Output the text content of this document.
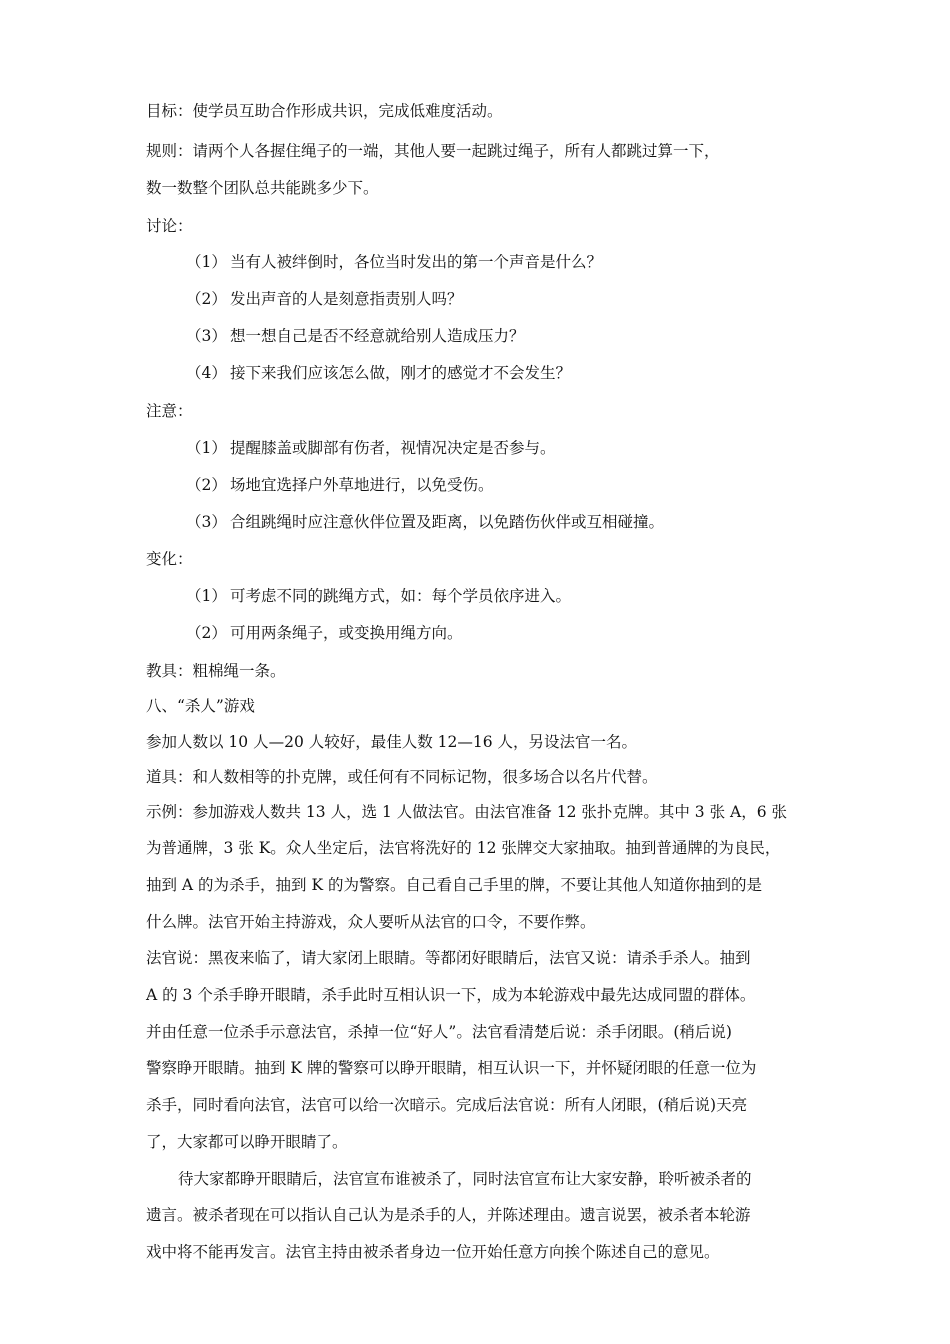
目标：使学员互助合作形成共识，完成低难度活动。
规则：请两个人各握住绳子的一端，其他人要一起跳过绳子，所有人都跳过算一下，
数一数整个团队总共能跳多少下。
讨论：
（1） 当有人被绊倒时，各位当时发出的第一个声音是什么？
（2） 发出声音的人是刻意指责别人吗？
（3） 想一想自己是否不经意就给别人造成压力？
（4） 接下来我们应该怎么做，刚才的感觉才不会发生？
注意：
（1） 提醒膝盖或脚部有伤者，视情况决定是否参与。
（2） 场地宜选择户外草地进行，以免受伤。
（3） 合组跳绳时应注意伙伴位置及距离，以免踏伤伙伴或互相碰撞。
变化：
（1） 可考虑不同的跳绳方式，如：每个学员依序进入。
（2） 可用两条绳子，或变换用绳方向。
教具：粗棉绳一条。
八、“杀人”游戏
参加人数以 10 人—20 人较好，最佳人数 12—16 人，另设法官一名。
道具：和人数相等的扑克牌，或任何有不同标记物，很多场合以名片代替。
示例：参加游戏人数共 13 人，选 1 人做法官。由法官准备 12 张扑克牌。其中 3 张 A，6 张
为普通牌，3 张 K。众人坐定后，法官将洗好的 12 张牌交大家抽取。抽到普通牌的为良民，
抽到 A 的为杀手，抽到 K 的为警察。自己看自己手里的牌，不要让其他人知道你抽到的是
什么牌。法官开始主持游戏，众人要听从法官的口令，不要作弊。
法官说：黑夜来临了，请大家闭上眼睛。等都闭好眼睛后，法官又说：请杀手杀人。抽到
A 的 3 个杀手睁开眼睛，杀手此时互相认识一下，成为本轮游戏中最先达成同盟的群体。
并由任意一位杀手示意法官，杀掉一位“好人”。法官看清楚后说：杀手闭眼。(稍后说)
警察睁开眼睛。抽到 K 牌的警察可以睁开眼睛，相互认识一下，并怀疑闭眼的任意一位为
杀手，同时看向法官，法官可以给一次暗示。完成后法官说：所有人闭眼，(稍后说)天亮
了，大家都可以睁开眼睛了。
待大家都睁开眼睛后，法官宣布谁被杀了，同时法官宣布让大家安静，聆听被杀者的
遗言。被杀者现在可以指认自己认为是杀手的人，并陈述理由。遗言说罢，被杀者本轮游
戏中将不能再发言。法官主持由被杀者身边一位开始任意方向挨个陈述自己的意见。
